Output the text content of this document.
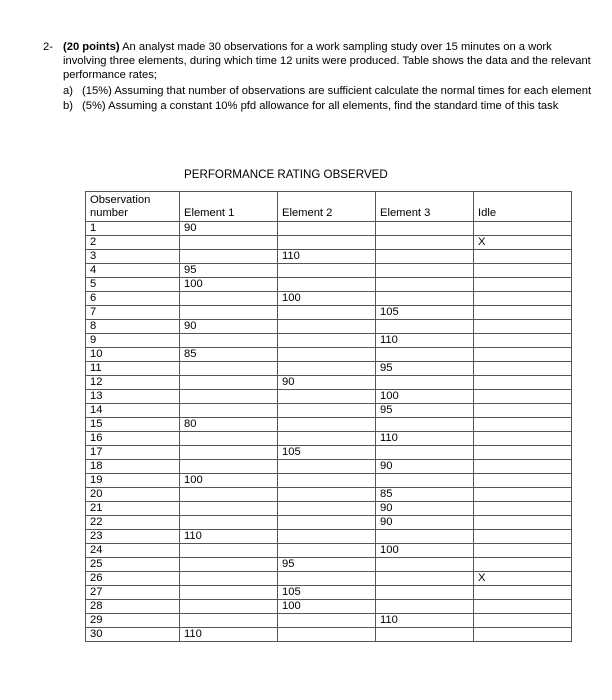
2- (20 points) An analyst made 30 observations for a work sampling study over 15 minutes on a work involving three elements, during which time 12 units were produced. Table shows the data and the relevant performance rates;
a) (15%) Assuming that number of observations are sufficient calculate the normal times for each element
b) (5%) Assuming a constant 10% pfd allowance for all elements, find the standard time of this task
PERFORMANCE RATING OBSERVED
Observation number	Element 1	Element 2	Element 3	Idle
1	90			
2				X
3		110		
4	95			
5	100			
6		100		
7			105	
8	90			
9			110	
10	85			
11			95	
12		90		
13			100	
14			95	
15	80			
16			110	
17		105		
18			90	
19	100			
20			85	
21			90	
22			90	
23	110			
24			100	
25		95		
26				X
27		105		
28		100		
29			110	
30	110			
